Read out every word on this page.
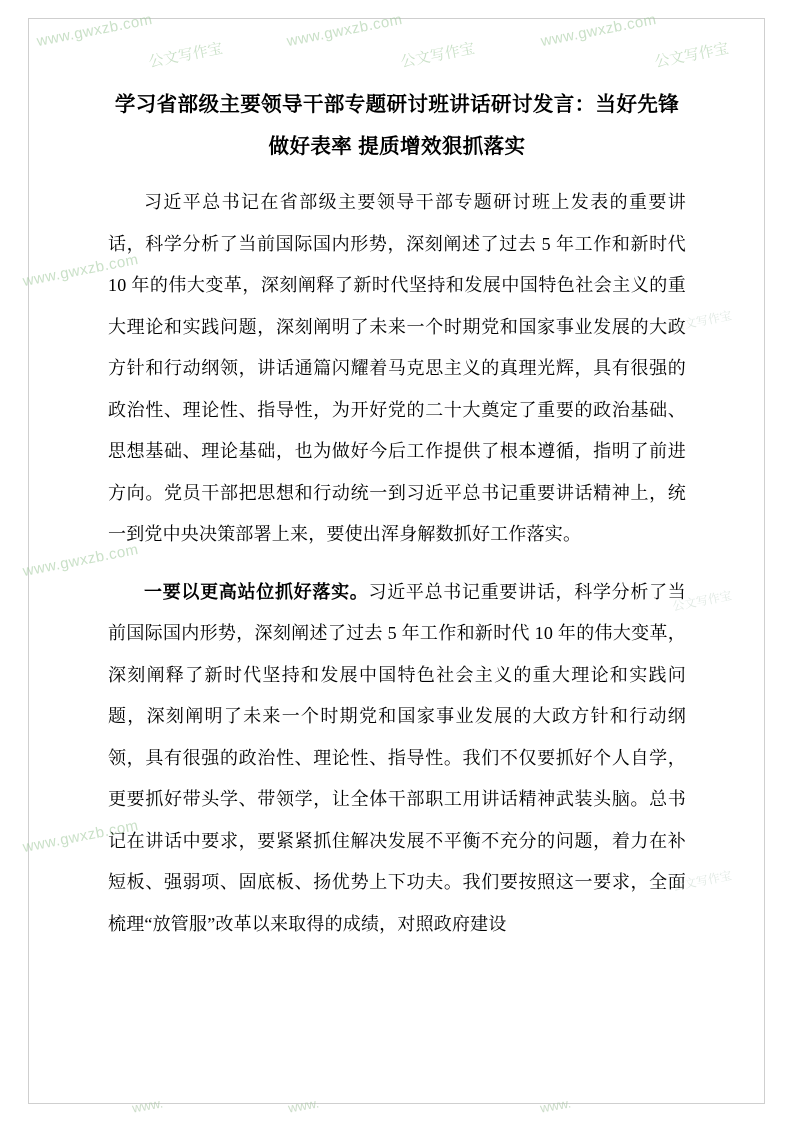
www.gwxzb.com
公文写作宝
www.gwxzb.com
公文写作宝
www.gwxzb.com
公文写作宝
www.gwxzb.com
www.gwxzb.com
www.gwxzb.com
公文写作宝
公文写作宝
公文写作宝
www.	www.	www.
学习省部级主要领导干部专题研讨班讲话研讨发言：当好先锋做好表率 提质增效狠抓落实

习近平总书记在省部级主要领导干部专题研讨班上发表的重要讲话，科学分析了当前国际国内形势，深刻阐述了过去 5 年工作和新时代 10 年的伟大变革，深刻阐释了新时代坚持和发展中国特色社会主义的重大理论和实践问题，深刻阐明了未来一个时期党和国家事业发展的大政方针和行动纲领，讲话通篇闪耀着马克思主义的真理光辉，具有很强的政治性、理论性、指导性，为开好党的二十大奠定了重要的政治基础、思想基础、理论基础，也为做好今后工作提供了根本遵循，指明了前进方向。党员干部把思想和行动统一到习近平总书记重要讲话精神上，统一到党中央决策部署上来，要使出浑身解数抓好工作落实。

一要以更高站位抓好落实。习近平总书记重要讲话，科学分析了当前国际国内形势，深刻阐述了过去 5 年工作和新时代 10 年的伟大变革，深刻阐释了新时代坚持和发展中国特色社会主义的重大理论和实践问题，深刻阐明了未来一个时期党和国家事业发展的大政方针和行动纲领，具有很强的政治性、理论性、指导性。我们不仅要抓好个人自学，更要抓好带头学、带领学，让全体干部职工用讲话精神武装头脑。总书记在讲话中要求，要紧紧抓住解决发展不平衡不充分的问题，着力在补短板、强弱项、固底板、扬优势上下功夫。我们要按照这一要求，全面梳理“放管服”改革以来取得的成绩，对照政府建设
